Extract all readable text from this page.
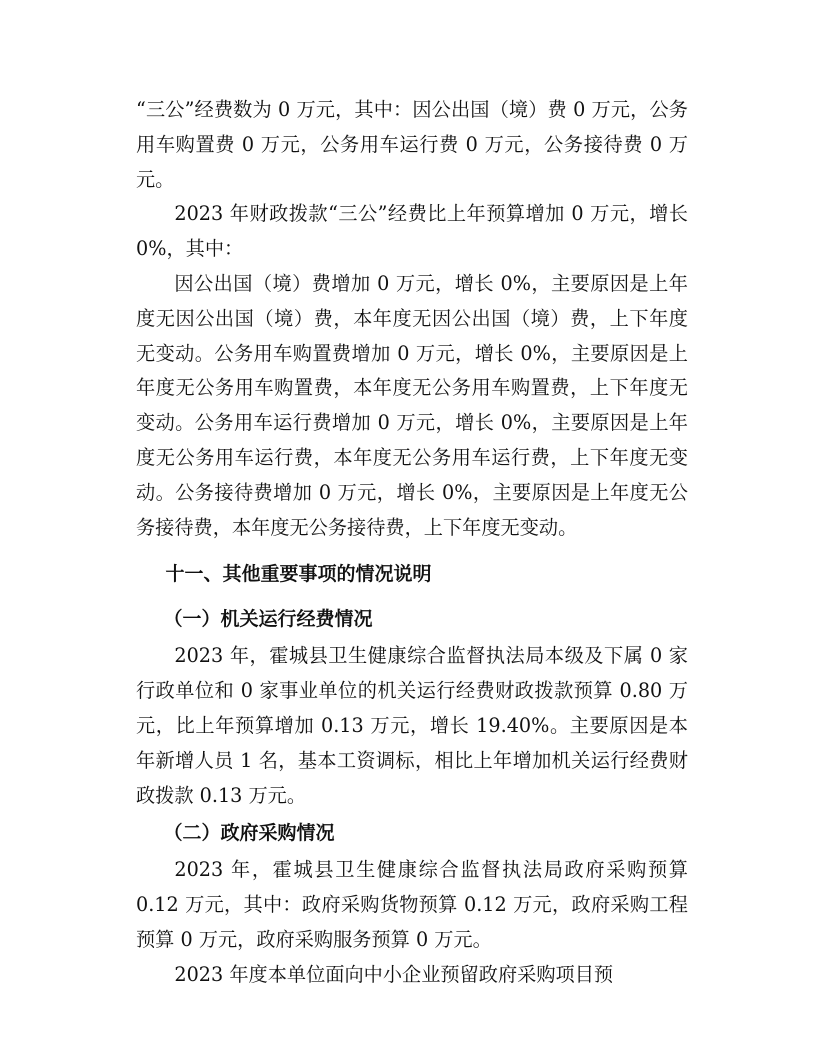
“三公”经费数为 0 万元，其中：因公出国（境）费 0 万元，公务用车购置费 0 万元，公务用车运行费 0 万元，公务接待费 0 万元。

2023 年财政拨款“三公”经费比上年预算增加 0 万元，增长 0%，其中：

因公出国（境）费增加 0 万元，增长 0%，主要原因是上年度无因公出国（境）费，本年度无因公出国（境）费，上下年度无变动。公务用车购置费增加 0 万元，增长 0%，主要原因是上年度无公务用车购置费，本年度无公务用车购置费，上下年度无变动。公务用车运行费增加 0 万元，增长 0%，主要原因是上年度无公务用车运行费，本年度无公务用车运行费，上下年度无变动。公务接待费增加 0 万元，增长 0%，主要原因是上年度无公务接待费，本年度无公务接待费，上下年度无变动。

十一、其他重要事项的情况说明

（一）机关运行经费情况

2023 年，霍城县卫生健康综合监督执法局本级及下属 0 家行政单位和 0 家事业单位的机关运行经费财政拨款预算 0.80 万元，比上年预算增加 0.13 万元，增长 19.40%。主要原因是本年新增人员 1 名，基本工资调标，相比上年增加机关运行经费财政拨款 0.13 万元。

（二）政府采购情况

2023 年，霍城县卫生健康综合监督执法局政府采购预算 0.12 万元，其中：政府采购货物预算 0.12 万元，政府采购工程预算 0 万元，政府采购服务预算 0 万元。

2023 年度本单位面向中小企业预留政府采购项目预
